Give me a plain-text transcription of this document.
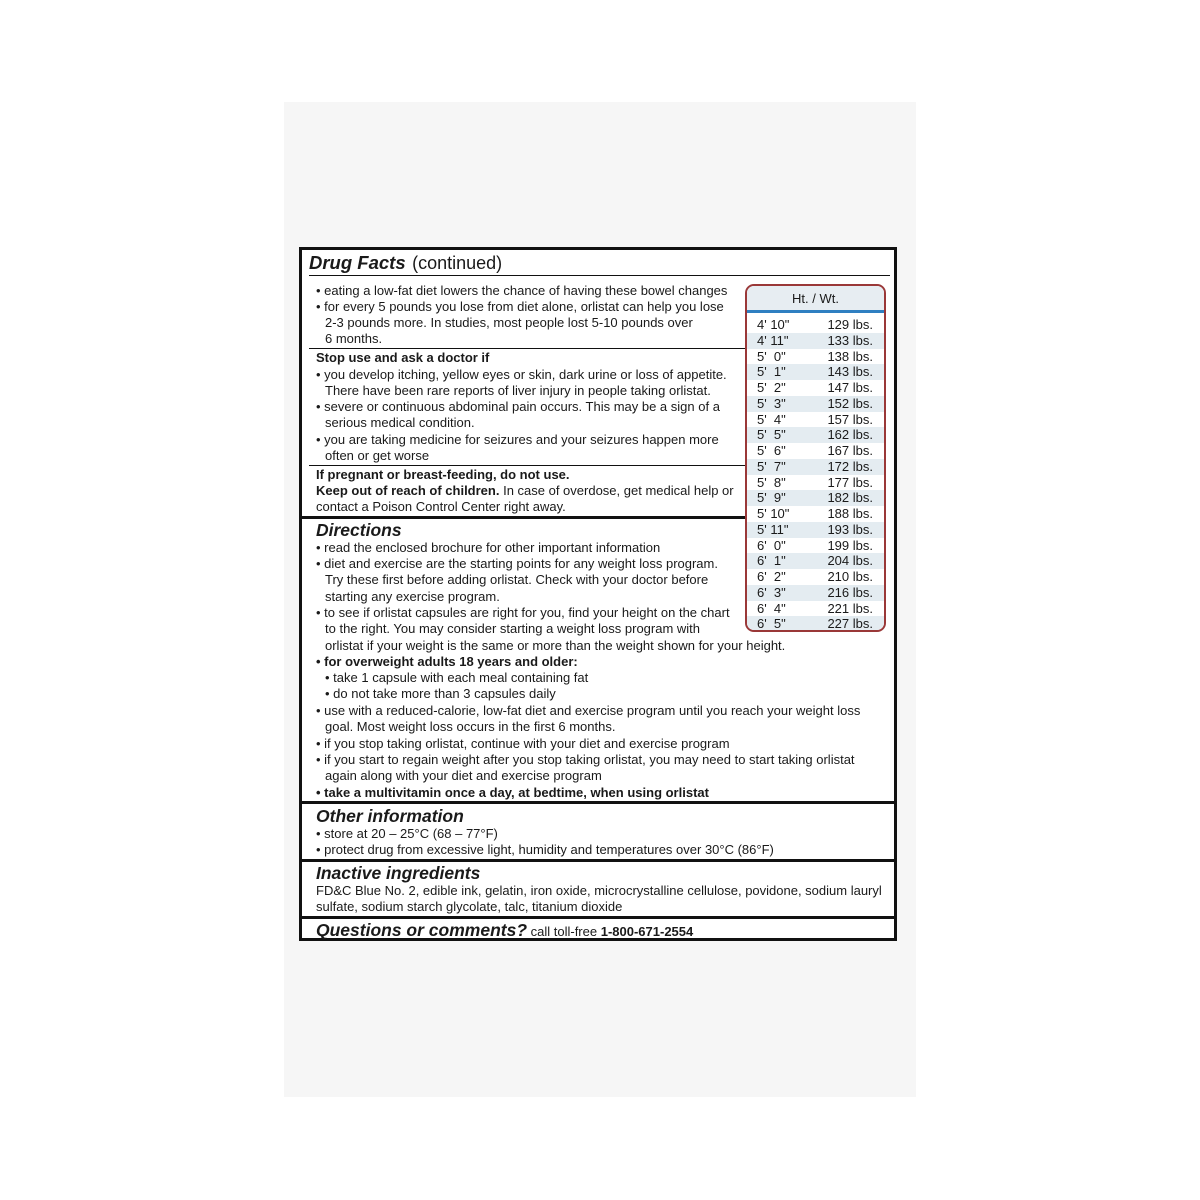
Drug Facts (continued)
• eating a low-fat diet lowers the chance of having these bowel changes
• for every 5 pounds you lose from diet alone, orlistat can help you lose
2-3 pounds more. In studies, most people lost 5-10 pounds over
6 months.
Stop use and ask a doctor if
• you develop itching, yellow eyes or skin, dark urine or loss of appetite.
There have been rare reports of liver injury in people taking orlistat.
• severe or continuous abdominal pain occurs. This may be a sign of a
serious medical condition.
• you are taking medicine for seizures and your seizures happen more
often or get worse
If pregnant or breast-feeding, do not use.
Keep out of reach of children. In case of overdose, get medical help or
contact a Poison Control Center right away.
Directions
• read the enclosed brochure for other important information
• diet and exercise are the starting points for any weight loss program.
Try these first before adding orlistat. Check with your doctor before
starting any exercise program.
• to see if orlistat capsules are right for you, find your height on the chart
to the right. You may consider starting a weight loss program with
orlistat if your weight is the same or more than the weight shown for your height.
• for overweight adults 18 years and older:
• take 1 capsule with each meal containing fat
• do not take more than 3 capsules daily
• use with a reduced-calorie, low-fat diet and exercise program until you reach your weight loss
goal. Most weight loss occurs in the first 6 months.
• if you stop taking orlistat, continue with your diet and exercise program
• if you start to regain weight after you stop taking orlistat, you may need to start taking orlistat
again along with your diet and exercise program
• take a multivitamin once a day, at bedtime, when using orlistat
Other information
• store at 20 – 25°C (68 – 77°F)
• protect drug from excessive light, humidity and temperatures over 30°C (86°F)
Inactive ingredients
FD&C Blue No. 2, edible ink, gelatin, iron oxide, microcrystalline cellulose, povidone, sodium lauryl
sulfate, sodium starch glycolate, talc, titanium dioxide
Questions or comments? call toll-free 1-800-671-2554
Ht. / Wt.
4' 10"	129 lbs.
4' 11"	133 lbs.
5'  0"	138 lbs.
5'  1"	143 lbs.
5'  2"	147 lbs.
5'  3"	152 lbs.
5'  4"	157 lbs.
5'  5"	162 lbs.
5'  6"	167 lbs.
5'  7"	172 lbs.
5'  8"	177 lbs.
5'  9"	182 lbs.
5' 10"	188 lbs.
5' 11"	193 lbs.
6'  0"	199 lbs.
6'  1"	204 lbs.
6'  2"	210 lbs.
6'  3"	216 lbs.
6'  4"	221 lbs.
6'  5"	227 lbs.
